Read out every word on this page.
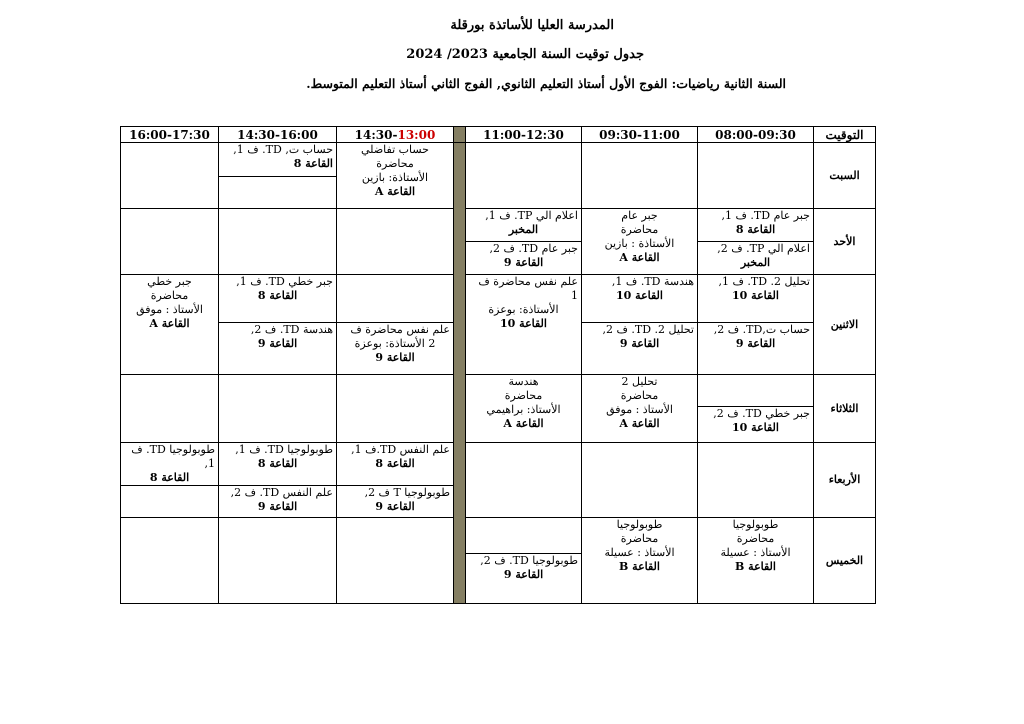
المدرسة العليا للأساتذة بورقلة
جدول توقيت السنة الجامعية 2023/ 2024
السنة الثانية رياضيات: الفوج الأول أستاذ التعليم الثانوي, الفوج الثاني أستاذ التعليم المتوسط.
التوقيت	08:00-09:30	09:30-11:00	11:00-12:30		14:30-13:00	14:30-16:00	16:00-17:30
السبت					حساب تفاضلي
محاضرة
الأستاذة: بازين
القاعة A	حساب ت, TD. ف 1,
القاعة 8	

الأحد	جبر عام TD. ف 1,
القاعة 8	جبر عام
محاضرة
الأستاذة : بازين
القاعة A	اعلام الي TP. ف 1,
المخبر				

	اعلام الي TP. ف 2,
المخبر		جبر عام TD. ف 2,
القاعة 9				

الاثنين	تحليل 2. TD. ف 1,
القاعة 10	هندسة TD. ف 1,
القاعة 10	علم نفس محاضرة ف 1
الأستاذة: بوعزة
القاعة 10			جبر خطي TD. ف 1,
القاعة 8	جبر خطي
محاضرة
الأستاذ : موفق
القاعة A

	حساب ت,TD. ف 2,
القاعة 9	تحليل 2. TD. ف 2,
القاعة 9			علم نفس محاضرة ف
2 الأستاذة: بوعزة
القاعة 9	هندسة TD. ف 2,
القاعة 9	

الثلاثاء		تحليل 2
محاضرة
الأستاذ : موفق
القاعة A	هندسة
محاضرة
الأستاذ: براهيمي
القاعة A				

	جبر خطي TD. ف 2,
القاعة 10						

الأربعاء					علم النفس TD.ف 1,
القاعة 8	طوبولوجيا TD. ف 1,
القاعة 8	طوبولوجيا TD. ف 1,
القاعة 8

					طوبولوجيا T ف 2,
القاعة 9	علم النفس TD. ف 2,
القاعة 9	

الخميس	طوبولوجيا
محاضرة
الأستاذ : عسيلة
القاعة B	طوبولوجيا
محاضرة
الأستاذ : عسيلة
القاعة B					

			طوبولوجيا TD. ف 2,
القاعة 9				
